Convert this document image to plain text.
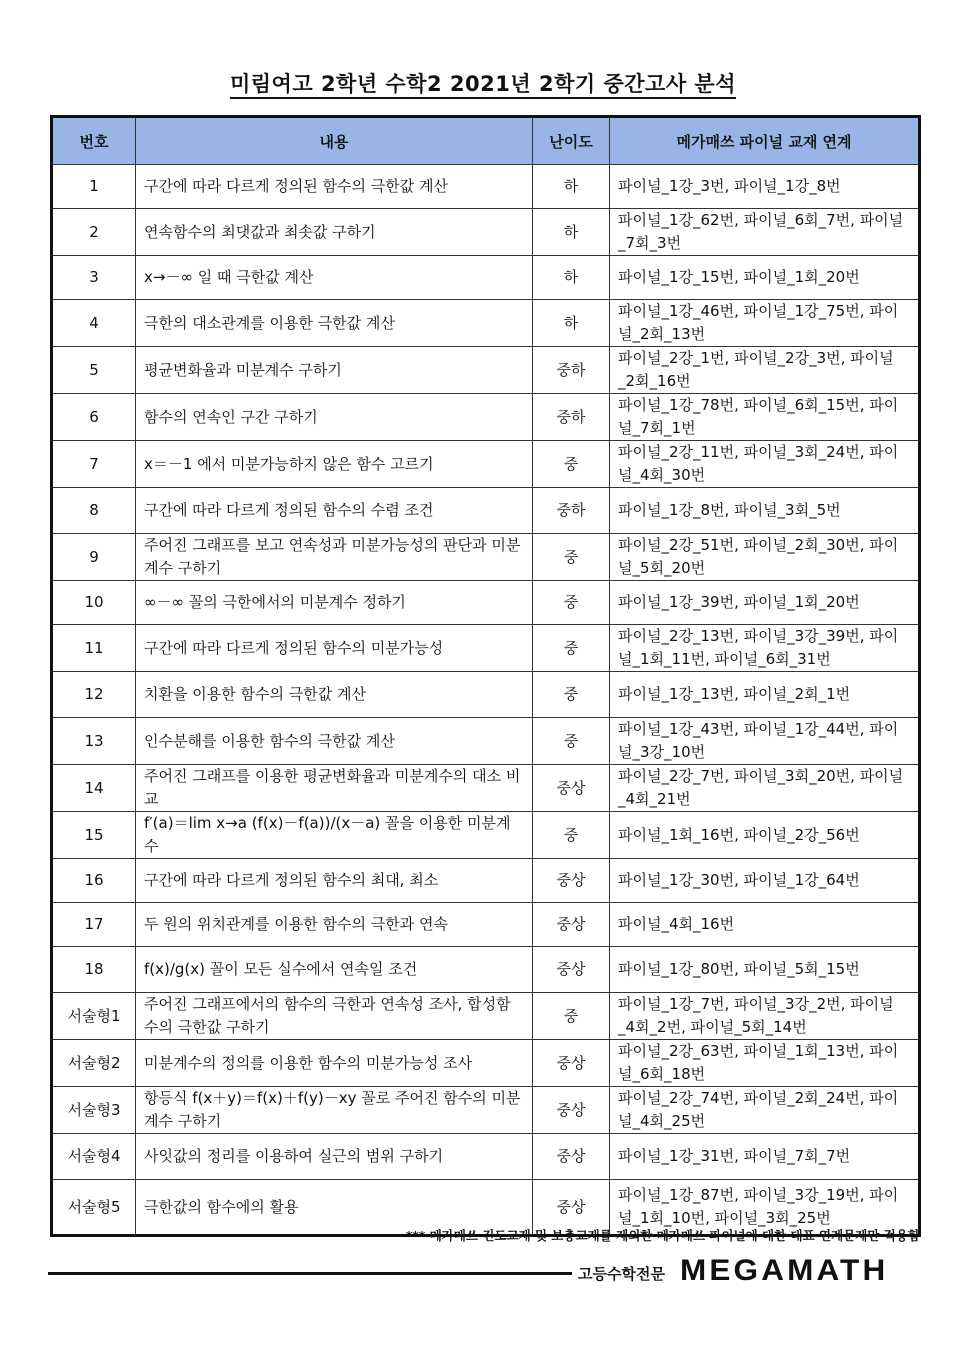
미림여고 2학년 수학2 2021년 2학기 중간고사 분석
번호	내용	난이도	메가매쓰 파이널 교재 연계
1	구간에 따라 다르게 정의된 함수의 극한값 계산	하	파이널_1강_3번, 파이널_1강_8번
2	연속함수의 최댓값과 최솟값 구하기	하	파이널_1강_62번, 파이널_6회_7번, 파이널_7회_3번
3	x→－∞ 일 때 극한값 계산	하	파이널_1강_15번, 파이널_1회_20번
4	극한의 대소관계를 이용한 극한값 계산	하	파이널_1강_46번, 파이널_1강_75번, 파이널_2회_13번
5	평균변화율과 미분계수 구하기	중하	파이널_2강_1번, 파이널_2강_3번, 파이널_2회_16번
6	함수의 연속인 구간 구하기	중하	파이널_1강_78번, 파이널_6회_15번, 파이널_7회_1번
7	x＝－1 에서 미분가능하지 않은 함수 고르기	중	파이널_2강_11번, 파이널_3회_24번, 파이널_4회_30번
8	구간에 따라 다르게 정의된 함수의 수렴 조건	중하	파이널_1강_8번, 파이널_3회_5번
9	주어진 그래프를 보고 연속성과 미분가능성의 판단과 미분계수 구하기	중	파이널_2강_51번, 파이널_2회_30번, 파이널_5회_20번
10	∞－∞ 꼴의 극한에서의 미분계수 정하기	중	파이널_1강_39번, 파이널_1회_20번
11	구간에 따라 다르게 정의된 함수의 미분가능성	중	파이널_2강_13번, 파이널_3강_39번, 파이널_1회_11번, 파이널_6회_31번
12	치환을 이용한 함수의 극한값 계산	중	파이널_1강_13번, 파이널_2회_1번
13	인수분해를 이용한 함수의 극한값 계산	중	파이널_1강_43번, 파이널_1강_44번, 파이널_3강_10번
14	주어진 그래프를 이용한 평균변화율과 미분계수의 대소 비교	중상	파이널_2강_7번, 파이널_3회_20번, 파이널_4회_21번
15	f′(a)＝lim x→a (f(x)－f(a))/(x－a) 꼴을 이용한 미분계수	중	파이널_1회_16번, 파이널_2강_56번
16	구간에 따라 다르게 정의된 함수의 최대, 최소	중상	파이널_1강_30번, 파이널_1강_64번
17	두 원의 위치관계를 이용한 함수의 극한과 연속	중상	파이널_4회_16번
18	f(x)/g(x) 꼴이 모든 실수에서 연속일 조건	중상	파이널_1강_80번, 파이널_5회_15번
서술형1	주어진 그래프에서의 함수의 극한과 연속성 조사, 합성함수의 극한값 구하기	중	파이널_1강_7번, 파이널_3강_2번, 파이널_4회_2번, 파이널_5회_14번
서술형2	미분계수의 정의를 이용한 함수의 미분가능성 조사	중상	파이널_2강_63번, 파이널_1회_13번, 파이널_6회_18번
서술형3	항등식 f(x＋y)＝f(x)＋f(y)－xy 꼴로 주어진 함수의 미분계수 구하기	중상	파이널_2강_74번, 파이널_2회_24번, 파이널_4회_25번
서술형4	사잇값의 정리를 이용하여 실근의 범위 구하기	중상	파이널_1강_31번, 파이널_7회_7번
서술형5	극한값의 함수에의 활용	중상	파이널_1강_87번, 파이널_3강_19번, 파이널_1회_10번, 파이널_3회_25번
*** 메가매쓰 진도교재 및 보충교재를 제외한 메가매쓰 파이널에 대한 대표 연계문제만 적용함
고등수학전문 MEGAMATH
